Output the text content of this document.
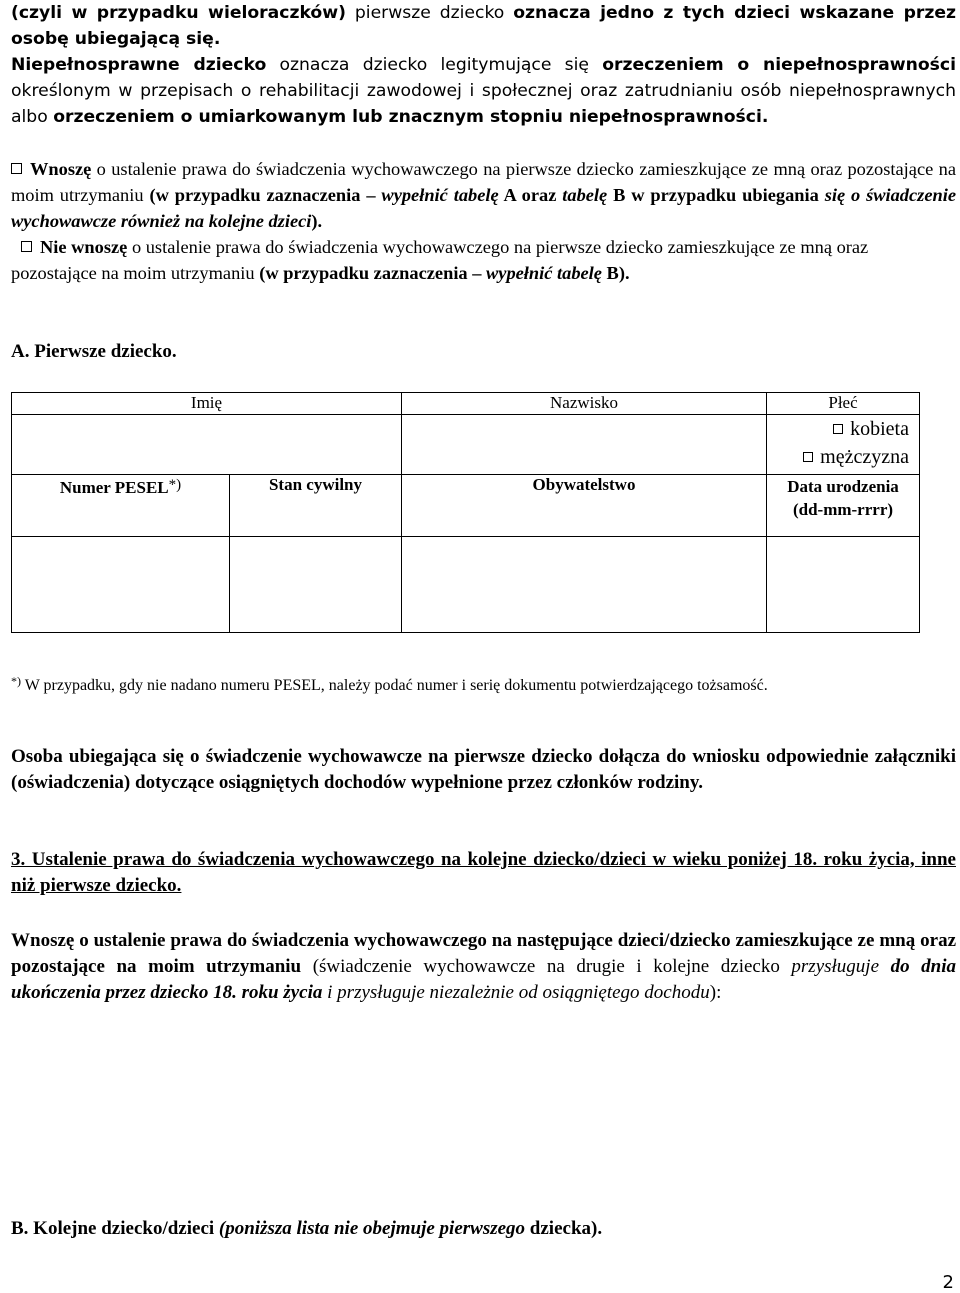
(czyli w przypadku wieloraczków) pierwsze dziecko oznacza jedno z tych dzieci wskazane przez osobę ubiegającą się.

Niepełnosprawne dziecko oznacza dziecko legitymujące się orzeczeniem o niepełnosprawności określonym w przepisach o rehabilitacji zawodowej i społecznej oraz zatrudnianiu osób niepełnosprawnych albo orzeczeniem o umiarkowanym lub znacznym stopniu niepełnosprawności.

Wnoszę o ustalenie prawa do świadczenia wychowawczego na pierwsze dziecko zamieszkujące ze mną oraz pozostające na moim utrzymaniu (w przypadku zaznaczenia – wypełnić tabelę A oraz tabelę B w przypadku ubiegania się o świadczenie wychowawcze również na kolejne dzieci).

Nie wnoszę o ustalenie prawa do świadczenia wychowawczego na pierwsze dziecko zamieszkujące ze mną oraz pozostające na moim utrzymaniu (w przypadku zaznaczenia – wypełnić tabelę B).

A. Pierwsze dziecko.
Imię		Nazwisko	Płeć

			kobieta
mężczyzna

Numer PESEL*)	Stan cywilny	Obywatelstwo	Data urodzenia
(dd-mm-rrrr)

*) W przypadku, gdy nie nadano numeru PESEL, należy podać numer i serię dokumentu potwierdzającego tożsamość.
Osoba ubiegająca się o świadczenie wychowawcze na pierwsze dziecko dołącza do wniosku odpowiednie załączniki (oświadczenia) dotyczące osiągniętych dochodów wypełnione przez członków rodziny.
3. Ustalenie prawa do świadczenia wychowawczego na kolejne dziecko/dzieci w wieku poniżej 18. roku życia, inne niż pierwsze dziecko.

Wnoszę o ustalenie prawa do świadczenia wychowawczego na następujące dzieci/dziecko zamieszkujące ze mną oraz pozostające na moim utrzymaniu (świadczenie wychowawcze na drugie i kolejne dziecko przysługuje do dnia ukończenia przez dziecko 18. roku życia i przysługuje niezależnie od osiągniętego dochodu):

B. Kolejne dziecko/dzieci (poniższa lista nie obejmuje pierwszego dziecka).
2
